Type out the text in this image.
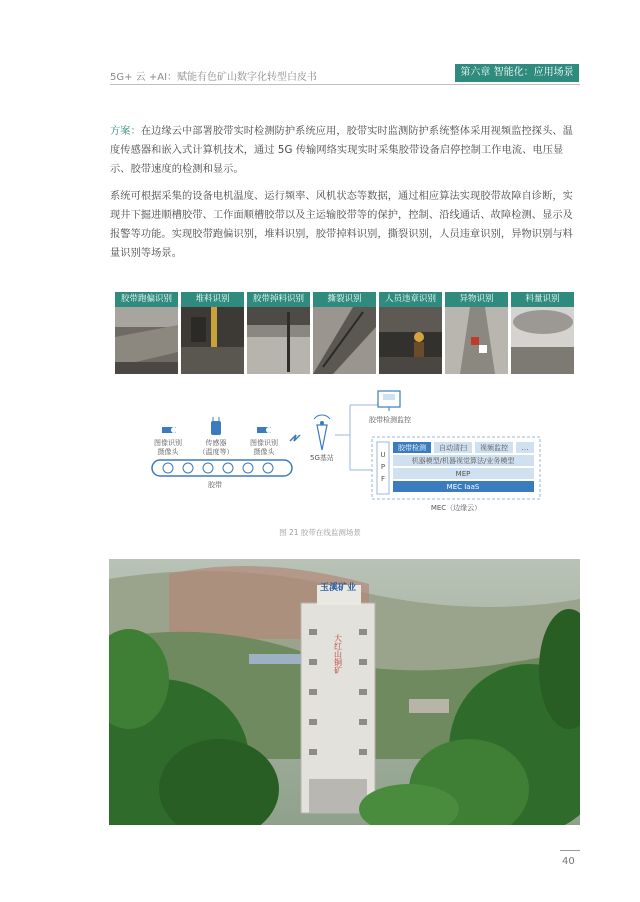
5G+ 云 +AI：赋能有色矿山数字化转型白皮书	第六章 智能化：应用场景
方案：在边缘云中部署胶带实时检测防护系统应用，胶带实时监测防护系统整体采用视频监控探头、温度传感器和嵌入式计算机技术，通过 5G 传输网络实现实时采集胶带设备启停控制工作电流、电压显示、胶带速度的检测和显示。
系统可根据采集的设备电机温度、运行频率、风机状态等数据，通过相应算法实现胶带故障自诊断，实现井下掘进顺槽胶带、工作面顺槽胶带以及主运输胶带等的保护，控制、沿线通话、故障检测、显示及报警等功能。实现胶带跑偏识别，堆料识别，胶带掉料识别，撕裂识别，人员违章识别，异物识别与料量识别等场景。
胶带跑偏识别	堆料识别	胶带掉料识别	撕裂识别	人员违章识别	异物识别	料量识别
图像识别
摄像头
传感器
（温度等）
图像识别
摄像头
胶带
5G基站
胶带检测监控
U
P
F
胶带检测 自动清扫 视频监控 …
机器模型/机器视觉算法/业务模型
MEP
MEC IaaS
MEC（边缘云）
图 21 胶带在线监测场景
玉溪矿业
大红山铜矿
40
